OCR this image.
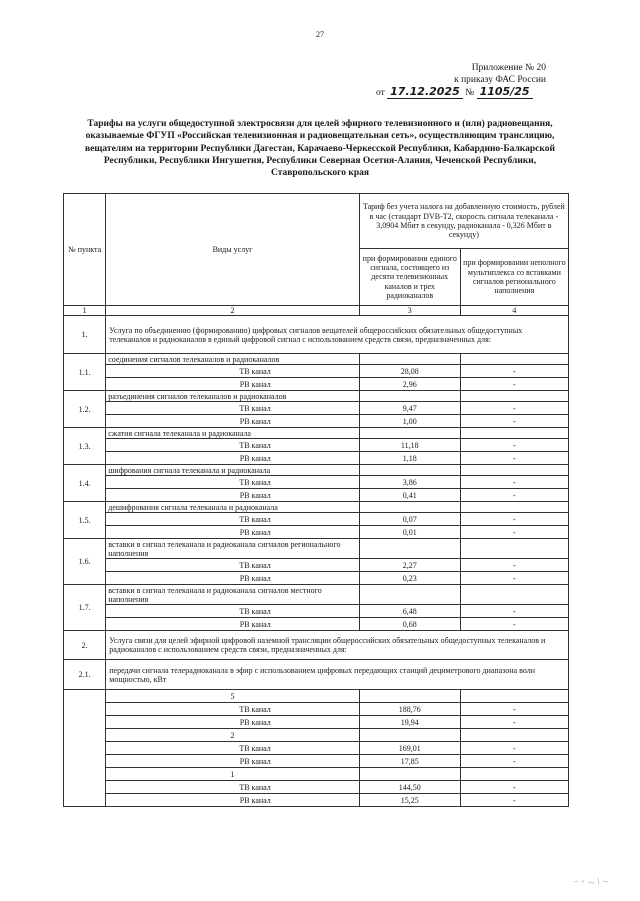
27
Приложение № 20
к приказу ФАС России
от 17.12.2025 № 1105/25
Тарифы на услуги общедоступной электросвязи для целей эфирного телевизионного и (или) радиовещания, оказываемые ФГУП «Российская телевизионная и радиовещательная сеть», осуществляющим трансляцию, вещателям на территории Республики Дагестан, Карачаево-Черкесской Республики, Кабардино-Балкарской Республики, Республики Ингушетия, Республики Северная Осетия-Алания, Чеченской Республики, Ставропольского края
№ пункта	Виды услуг	Тариф без учета налога на добавленную стоимость, рублей в час (стандарт DVB-T2, скорость сигнала телеканала - 3,0904 Мбит в секунду, радиоканала - 0,326 Мбит в секунду)	
		при формировании единого сигнала, состоящего из десяти телевизионных каналов и трех радиоканалов	при формировании неполного мультиплекса со вставками сигналов регионального наполнения
1	2	3	4
1.	Услуга по объединению (формированию) цифровых сигналов вещателей общероссийских обязательных общедоступных телеканалов и радиоканалов в единый цифровой сигнал с использованием средств связи, предназначенных для:		
1.1.	соединения сигналов телеканалов и радиоканалов		
	ТВ канал	28,08	-
	РВ канал	2,96	-
1.2.	разъединения сигналов телеканалов и радиоканалов		
	ТВ канал	9,47	-
	РВ канал	1,00	-
1.3.	сжатия сигнала телеканала и радиоканала		
	ТВ канал	11,18	-
	РВ канал	1,18	-
1.4.	шифрования сигнала телеканала и радиоканала		
	ТВ канал	3,86	-
	РВ канал	0,41	-
1.5.	дешифрования сигнала телеканала и радиоканала		
	ТВ канал	0,07	-
	РВ канал	0,01	-
1.6.	вставки в сигнал телеканала и радиоканала сигналов регионального наполнения		
	ТВ канал	2,27	-
	РВ канал	0,23	-
1.7.	вставки в сигнал телеканала и радиоканала сигналов местного наполнения		
	ТВ канал	6,48	-
	РВ канал	0,68	-
2.	Услуга связи для целей эфирной цифровой наземной трансляции общероссийских обязательных общедоступных телеканалов и радиоканалов с использованием средств связи, предназначенных для:		
2.1.	передачи сигнала телерадиоканала в эфир с использованием цифровых передающих станций дециметрового диапазона волн мощностью, кВт		
	5		
	ТВ канал	188,76	-
	РВ канал	19,94	-
	2		
	ТВ канал	169,01	-
	РВ канал	17,85	-
	1		
	ТВ канал	144,50	-
	РВ канал	15,25	-
